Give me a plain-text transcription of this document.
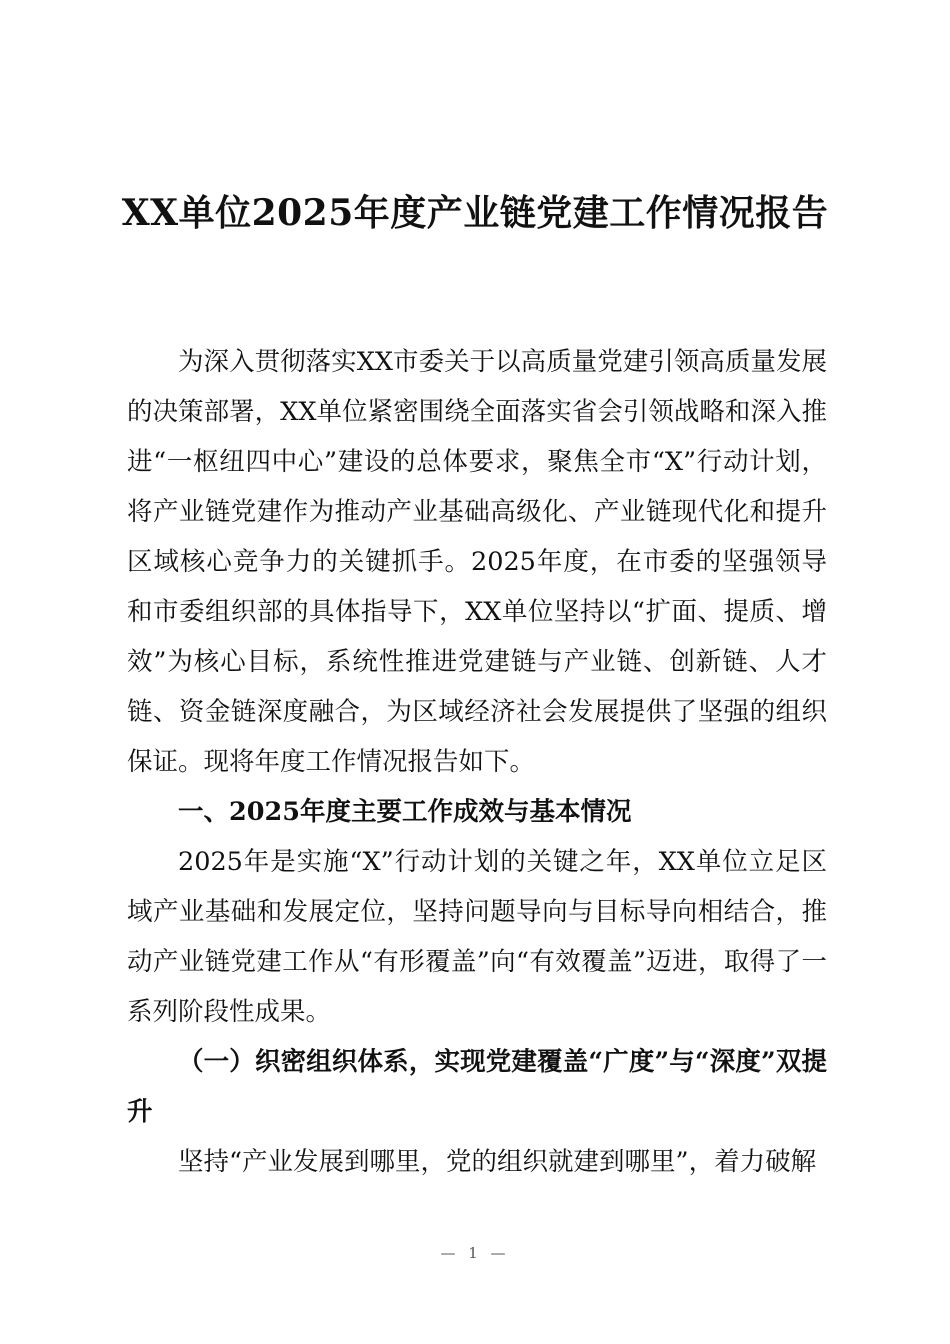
XX单位2025年度产业链党建工作情况报告

为深入贯彻落实XX市委关于以高质量党建引领高质量发展的决策部署，XX单位紧密围绕全面落实省会引领战略和深入推进“一枢纽四中心”建设的总体要求，聚焦全市“X”行动计划，将产业链党建作为推动产业基础高级化、产业链现代化和提升区域核心竞争力的关键抓手。2025年度，在市委的坚强领导和市委组织部的具体指导下，XX单位坚持以“扩面、提质、增效”为核心目标，系统性推进党建链与产业链、创新链、人才链、资金链深度融合，为区域经济社会发展提供了坚强的组织保证。现将年度工作情况报告如下。

一、2025年度主要工作成效与基本情况

2025年是实施“X”行动计划的关键之年，XX单位立足区域产业基础和发展定位，坚持问题导向与目标导向相结合，推动产业链党建工作从“有形覆盖”向“有效覆盖”迈进，取得了一系列阶段性成果。

（一）织密组织体系，实现党建覆盖“广度”与“深度”双提升

坚持“产业发展到哪里，党的组织就建到哪里”，着力破解

— 1 —
